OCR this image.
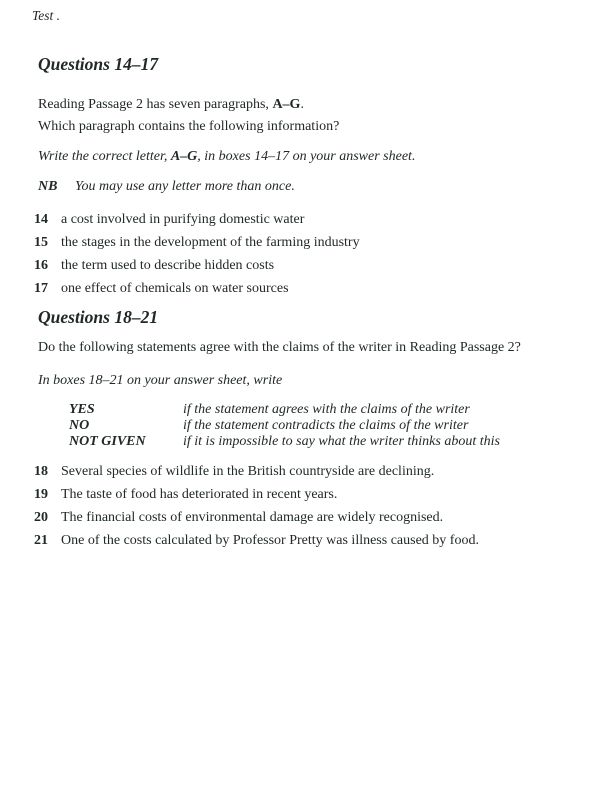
Test .

Questions 14–17

Reading Passage 2 has seven paragraphs, A–G.

Which paragraph contains the following information?

Write the correct letter, A–G, in boxes 14–17 on your answer sheet.

NB	You may use any letter more than once.
14 a cost involved in purifying domestic water
15 the stages in the development of the farming industry
16 the term used to describe hidden costs
17 one effect of chemicals on water sources
Questions 18–21

Do the following statements agree with the claims of the writer in Reading Passage 2?

In boxes 18–21 on your answer sheet, write

YES	if the statement agrees with the claims of the writer
NO	if the statement contradicts the claims of the writer
NOT GIVEN	if it is impossible to say what the writer thinks about this
18 Several species of wildlife in the British countryside are declining.
19 The taste of food has deteriorated in recent years.
20 The financial costs of environmental damage are widely recognised.
21 One of the costs calculated by Professor Pretty was illness caused by food.
